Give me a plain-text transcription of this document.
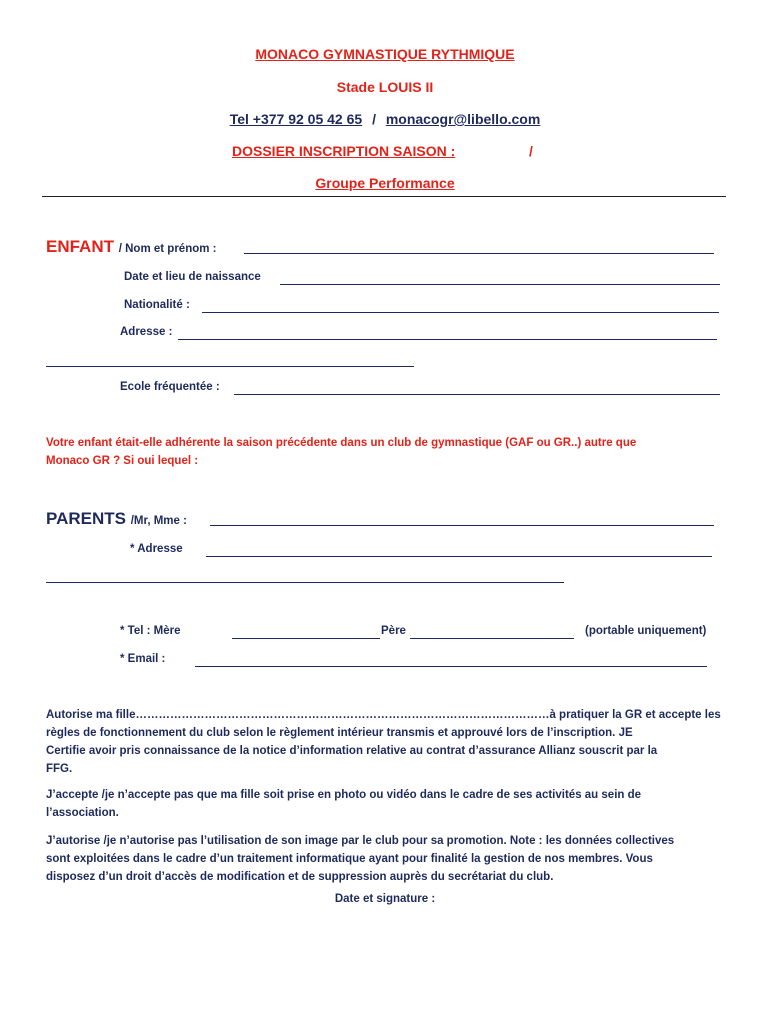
MONACO GYMNASTIQUE RYTHMIQUE
Stade LOUIS II
Tel +377 92 05 42 65 / monacogr@libello.com
DOSSIER INSCRIPTION SAISON :	/
Groupe Performance
ENFANT / Nom et prénom :
Date et lieu de naissance
Nationalité :
Adresse :
Ecole fréquentée :

Votre enfant était-elle adhérente la saison précédente dans un club de gymnastique (GAF ou GR..) autre que

Monaco GR ? Si oui lequel :

PARENTS /Mr, Mme :
* Adresse
* Tel : Mère	Père	(portable uniquement)
* Email :

Autorise ma fille………………………………………………………………………………………………à pratiquer la GR et accepte les

règles de fonctionnement du club selon le règlement intérieur transmis et approuvé lors de l’inscription. JE

Certifie avoir pris connaissance de la notice d’information relative au contrat d’assurance Allianz souscrit par la

FFG.

J’accepte /je n’accepte pas que ma fille soit prise en photo ou vidéo dans le cadre de ses activités au sein de

l’association.

J’autorise /je n’autorise pas l’utilisation de son image par le club pour sa promotion. Note : les données collectives

sont exploitées dans le cadre d’un traitement informatique ayant pour finalité la gestion de nos membres. Vous

disposez d’un droit d’accès de modification et de suppression auprès du secrétariat du club.

Date et signature :
